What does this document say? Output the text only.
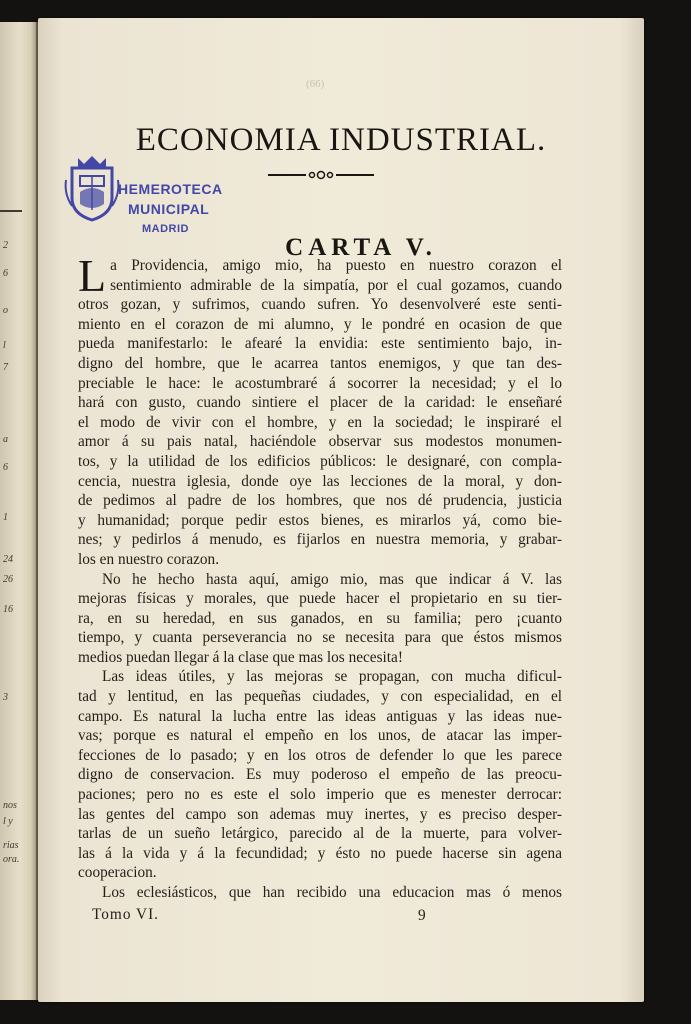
2
6
o
l
7
a
6
1
24
26
16
3
nos
l y
rias
ora.
(66)
ECONOMIA INDUSTRIAL.
HEMEROTECA
MUNICIPAL
MADRID
CARTA V.
L a Providencia, amigo mio, ha puesto en nuestro corazon el
sentimiento admirable de la simpatía, por el cual gozamos, cuando
otros gozan, y sufrimos, cuando sufren. Yo desenvolveré este senti-
miento en el corazon de mi alumno, y le pondré en ocasion de que
pueda manifestarlo: le afearé la envidia: este sentimiento bajo, in-
digno del hombre, que le acarrea tantos enemigos, y que tan des-
preciable le hace: le acostumbraré á socorrer la necesidad; y el lo
hará con gusto, cuando sintiere el placer de la caridad: le enseñaré
el modo de vivir con el hombre, y en la sociedad; le inspiraré el
amor á su pais natal, haciéndole observar sus modestos monumen-
tos, y la utilidad de los edificios públicos: le designaré, con compla-
cencia, nuestra iglesia, donde oye las lecciones de la moral, y don-
de pedimos al padre de los hombres, que nos dé prudencia, justicia
y humanidad; porque pedir estos bienes, es mirarlos yá, como bie-
nes; y pedirlos á menudo, es fijarlos en nuestra memoria, y grabar-
los en nuestro corazon.
No he hecho hasta aquí, amigo mio, mas que indicar á V. las
mejoras físicas y morales, que puede hacer el propietario en su tier-
ra, en su heredad, en sus ganados, en su familia; pero ¡cuanto
tiempo, y cuanta perseverancia no se necesita para que éstos mismos
medios puedan llegar á la clase que mas los necesita!
Las ideas útiles, y las mejoras se propagan, con mucha dificul-
tad y lentitud, en las pequeñas ciudades, y con especialidad, en el
campo. Es natural la lucha entre las ideas antiguas y las ideas nue-
vas; porque es natural el empeño en los unos, de atacar las imper-
fecciones de lo pasado; y en los otros de defender lo que les parece
digno de conservacion. Es muy poderoso el empeño de las preocu-
paciones; pero no es este el solo imperio que es menester derrocar:
las gentes del campo son ademas muy inertes, y es preciso desper-
tarlas de un sueño letárgico, parecido al de la muerte, para volver-
las á la vida y á la fecundidad; y ésto no puede hacerse sin agena
cooperacion.
Los eclesiásticos, que han recibido una educacion mas ó menos
Tomo VI.	9
